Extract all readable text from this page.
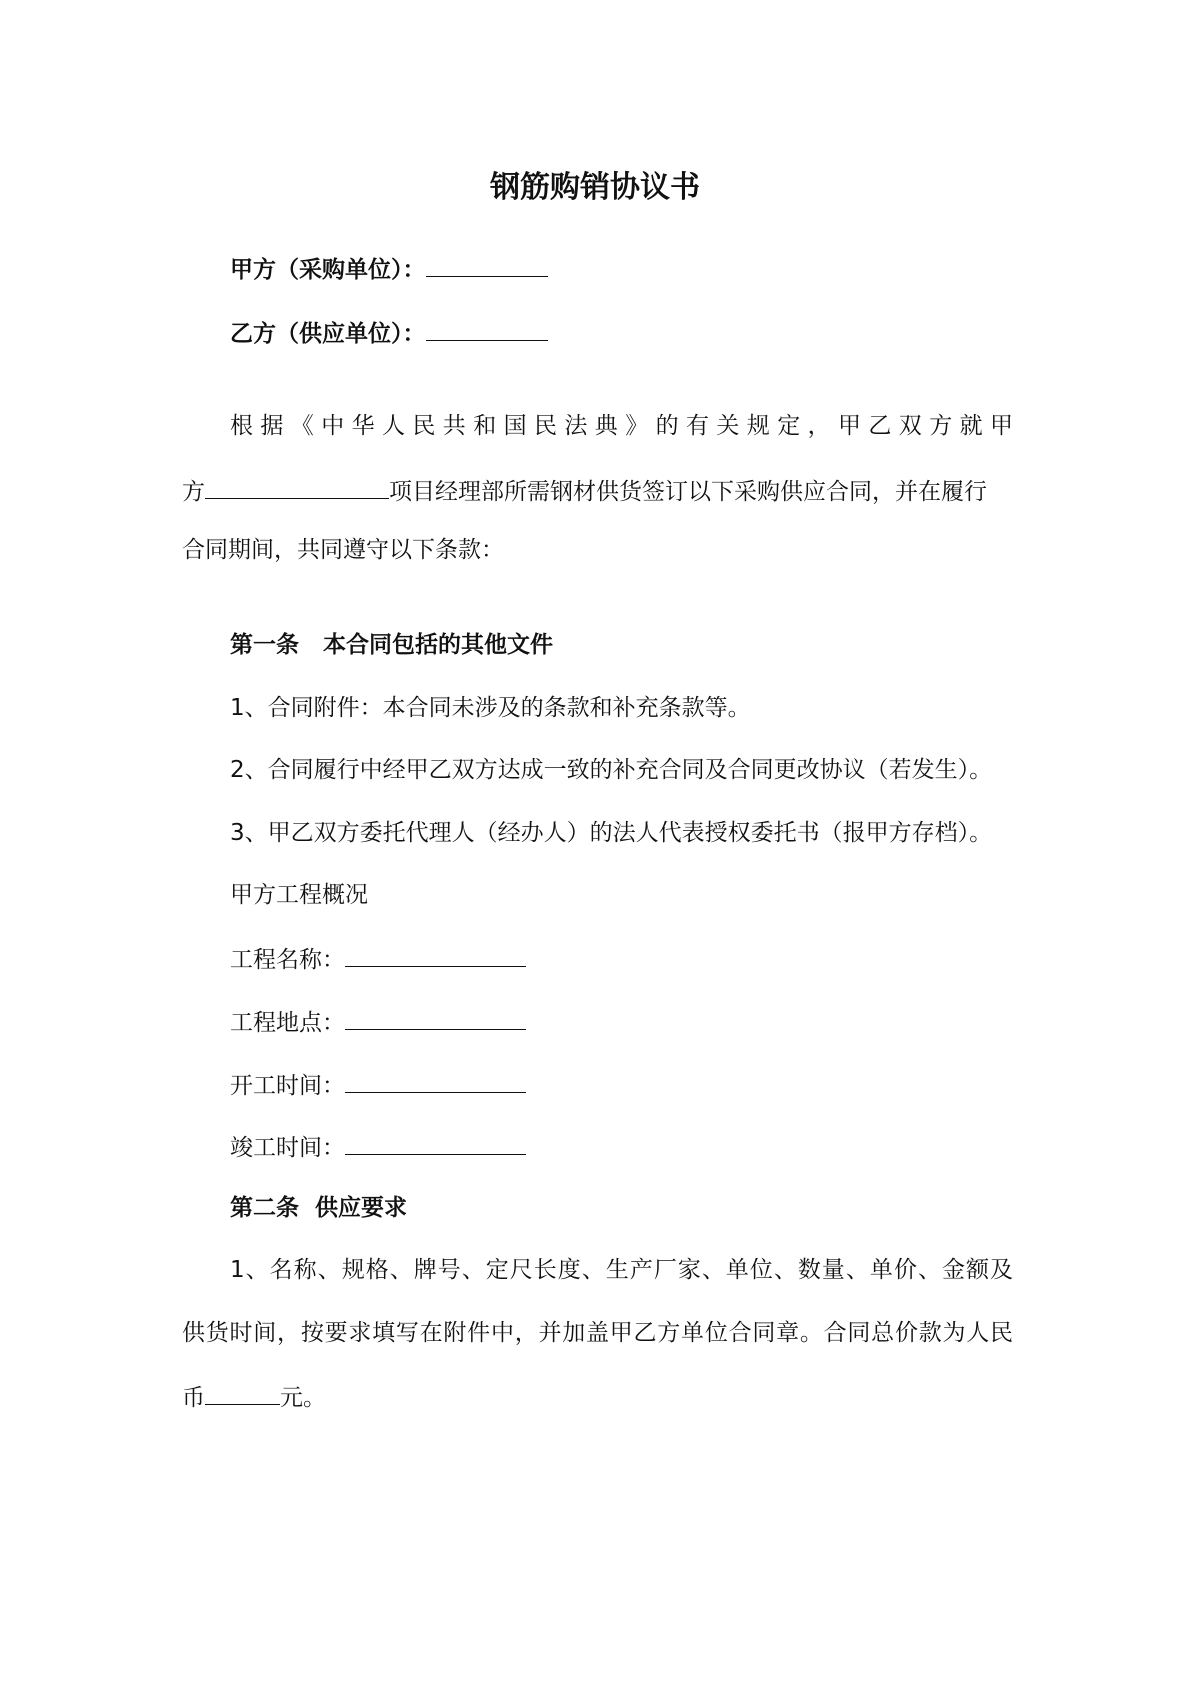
钢筋购销协议书
甲方（采购单位）：
乙方（供应单位）：
根据《中华人民共和国民法典》的有关规定，甲乙双方就甲
方	项目经理部所需钢材供货签订以下采购供应合同，并在履行
合同期间，共同遵守以下条款：
第一条   本合同包括的其他文件
1、合同附件：本合同未涉及的条款和补充条款等。
2、合同履行中经甲乙双方达成一致的补充合同及合同更改协议（若发生）。
3、甲乙双方委托代理人（经办人）的法人代表授权委托书（报甲方存档）。
甲方工程概况
工程名称：
工程地点：
开工时间：
竣工时间：
第二条  供应要求
1、名称、规格、牌号、定尺长度、生产厂家、单位、数量、单价、金额及
供货时间，按要求填写在附件中，并加盖甲乙方单位合同章。合同总价款为人民
币	元。
